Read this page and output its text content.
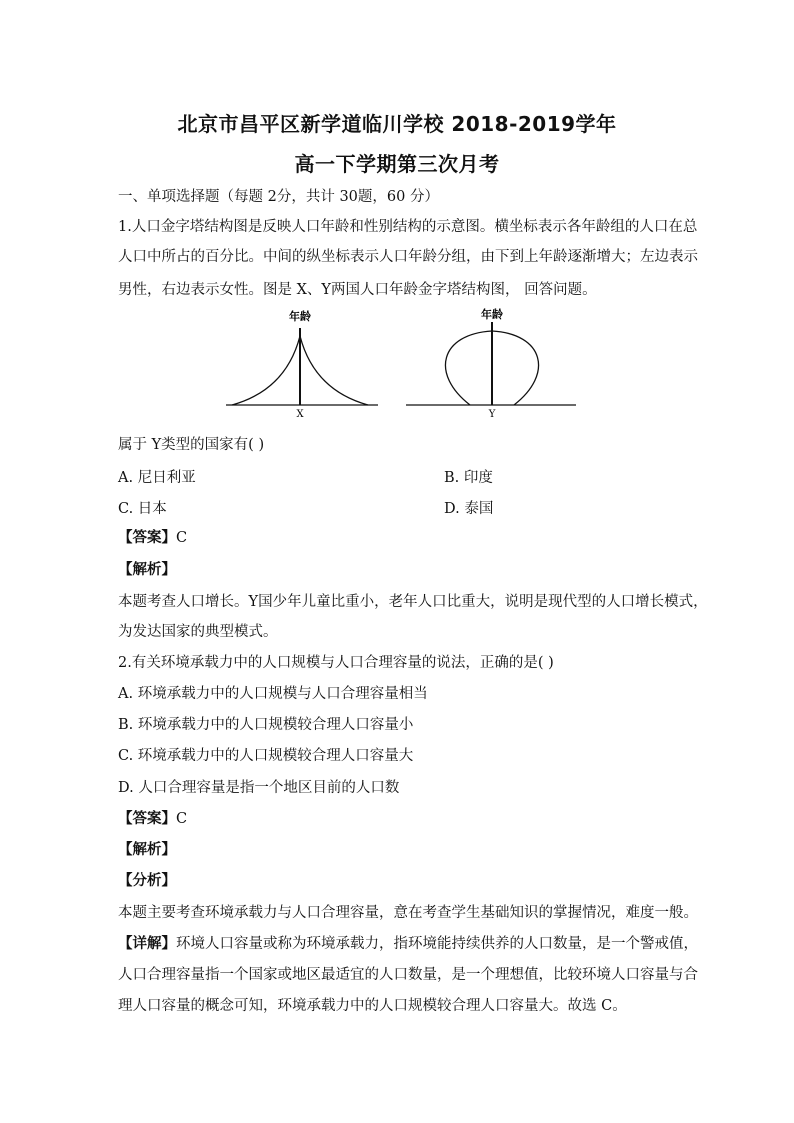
北京市昌平区新学道临川学校 2018-2019学年
高一下学期第三次月考
一、单项选择题（每题 2分，共计 30题，60 分）
1.人口金字塔结构图是反映人口年龄和性别结构的示意图。横坐标表示各年龄组的人口在总
人口中所占的百分比。中间的纵坐标表示人口年龄分组，由下到上年龄逐渐增大；左边表示
男性，右边表示女性。图是 X、Y两国人口年龄金字塔结构图， 回答问题。
年龄
X
年龄
Y
属于 Y类型的国家有( )
A. 尼日利亚	B. 印度
C. 日本	D. 泰国
【答案】C
【解析】
本题考查人口增长。Y国少年儿童比重小，老年人口比重大，说明是现代型的人口增长模式，
为发达国家的典型模式。
2.有关环境承载力中的人口规模与人口合理容量的说法，正确的是( )
A. 环境承载力中的人口规模与人口合理容量相当
B. 环境承载力中的人口规模较合理人口容量小
C. 环境承载力中的人口规模较合理人口容量大
D. 人口合理容量是指一个地区目前的人口数
【答案】C
【解析】
【分析】
本题主要考查环境承载力与人口合理容量，意在考查学生基础知识的掌握情况，难度一般。
【详解】环境人口容量或称为环境承载力，指环境能持续供养的人口数量，是一个警戒值，
人口合理容量指一个国家或地区最适宜的人口数量，是一个理想值，比较环境人口容量与合
理人口容量的概念可知，环境承载力中的人口规模较合理人口容量大。故选 C。
